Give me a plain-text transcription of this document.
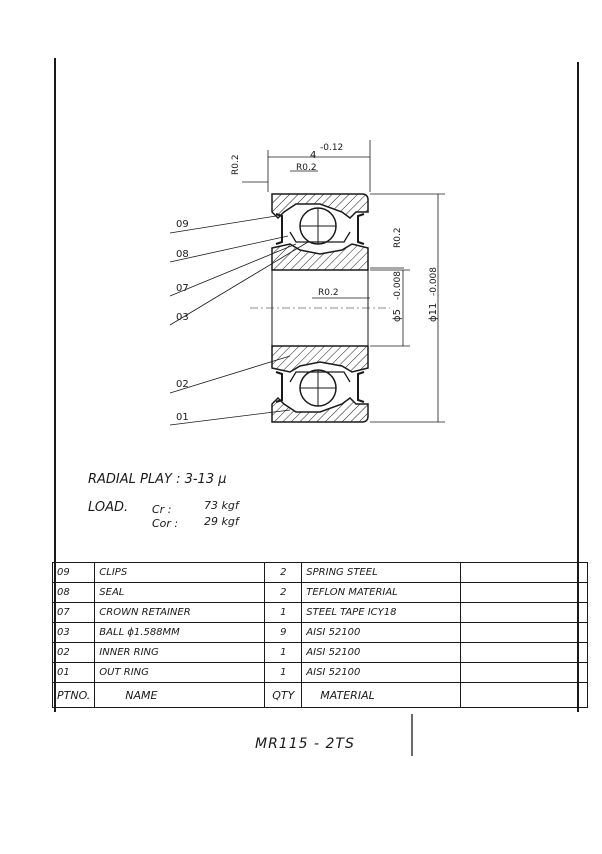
4
-0.12
R0.2	R0.2
R0.2
R0.2
ϕ5
-0.008
ϕ11
-0.008
09
08
07
03
02
01
RADIAL PLAY : 3-13 μ
LOAD. Cr :	73 kgf
Cor : 29 kgf
09	CLIPS	2	SPRING STEEL	
08	SEAL	2	TEFLON MATERIAL	
07	CROWN RETAINER	1	STEEL TAPE ICY18	
03	BALL ϕ1.588MM	9	AISI 52100	
02	INNER RING	1	AISI 52100	
01	OUT RING	1	AISI 52100	
PTNO.	NAME	QTY	MATERIAL	
MR115 - 2TS
